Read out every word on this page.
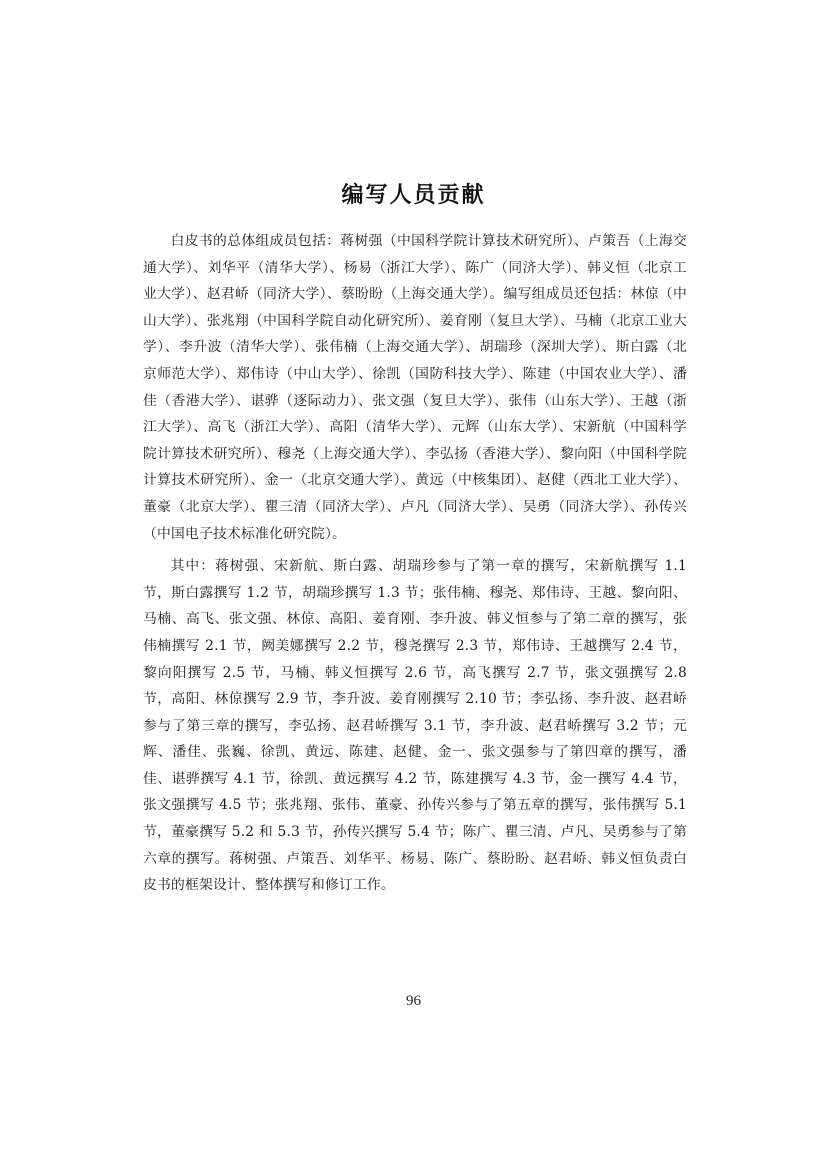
编写人员贡献

白皮书的总体组成员包括：蒋树强（中国科学院计算技术研究所）、卢策吾（上海交通大学）、刘华平（清华大学）、杨易（浙江大学）、陈广（同济大学）、韩义恒（北京工业大学）、赵君峤（同济大学）、蔡盼盼（上海交通大学）。编写组成员还包括：林倞（中山大学）、张兆翔（中国科学院自动化研究所）、姜育刚（复旦大学）、马楠（北京工业大学）、李升波（清华大学）、张伟楠（上海交通大学）、胡瑞珍（深圳大学）、斯白露（北京师范大学）、郑伟诗（中山大学）、徐凯（国防科技大学）、陈建（中国农业大学）、潘佳（香港大学）、谌骅（逐际动力）、张文强（复旦大学）、张伟（山东大学）、王越（浙江大学）、高飞（浙江大学）、高阳（清华大学）、元辉（山东大学）、宋新航（中国科学院计算技术研究所）、穆尧（上海交通大学）、李弘扬（香港大学）、黎向阳（中国科学院计算技术研究所）、金一（北京交通大学）、黄远（中核集团）、赵健（西北工业大学）、董豪（北京大学）、瞿三清（同济大学）、卢凡（同济大学）、吴勇（同济大学）、孙传兴（中国电子技术标准化研究院）。

其中：蒋树强、宋新航、斯白露、胡瑞珍参与了第一章的撰写，宋新航撰写 1.1 节，斯白露撰写 1.2 节，胡瑞珍撰写 1.3 节；张伟楠、穆尧、郑伟诗、王越、黎向阳、马楠、高飞、张文强、林倞、高阳、姜育刚、李升波、韩义恒参与了第二章的撰写，张伟楠撰写 2.1 节，阙美娜撰写 2.2 节，穆尧撰写 2.3 节，郑伟诗、王越撰写 2.4 节，黎向阳撰写 2.5 节，马楠、韩义恒撰写 2.6 节，高飞撰写 2.7 节，张文强撰写 2.8 节，高阳、林倞撰写 2.9 节，李升波、姜育刚撰写 2.10 节；李弘扬、李升波、赵君峤参与了第三章的撰写，李弘扬、赵君峤撰写 3.1 节，李升波、赵君峤撰写 3.2 节；元辉、潘佳、张巍、徐凯、黄远、陈建、赵健、金一、张文强参与了第四章的撰写，潘佳、谌骅撰写 4.1 节，徐凯、黄远撰写 4.2 节，陈建撰写 4.3 节，金一撰写 4.4 节，张文强撰写 4.5 节；张兆翔、张伟、董豪、孙传兴参与了第五章的撰写，张伟撰写 5.1 节，董豪撰写 5.2 和 5.3 节，孙传兴撰写 5.4 节；陈广、瞿三清、卢凡、吴勇参与了第六章的撰写。蒋树强、卢策吾、刘华平、杨易、陈广、蔡盼盼、赵君峤、韩义恒负责白皮书的框架设计、整体撰写和修订工作。

96
